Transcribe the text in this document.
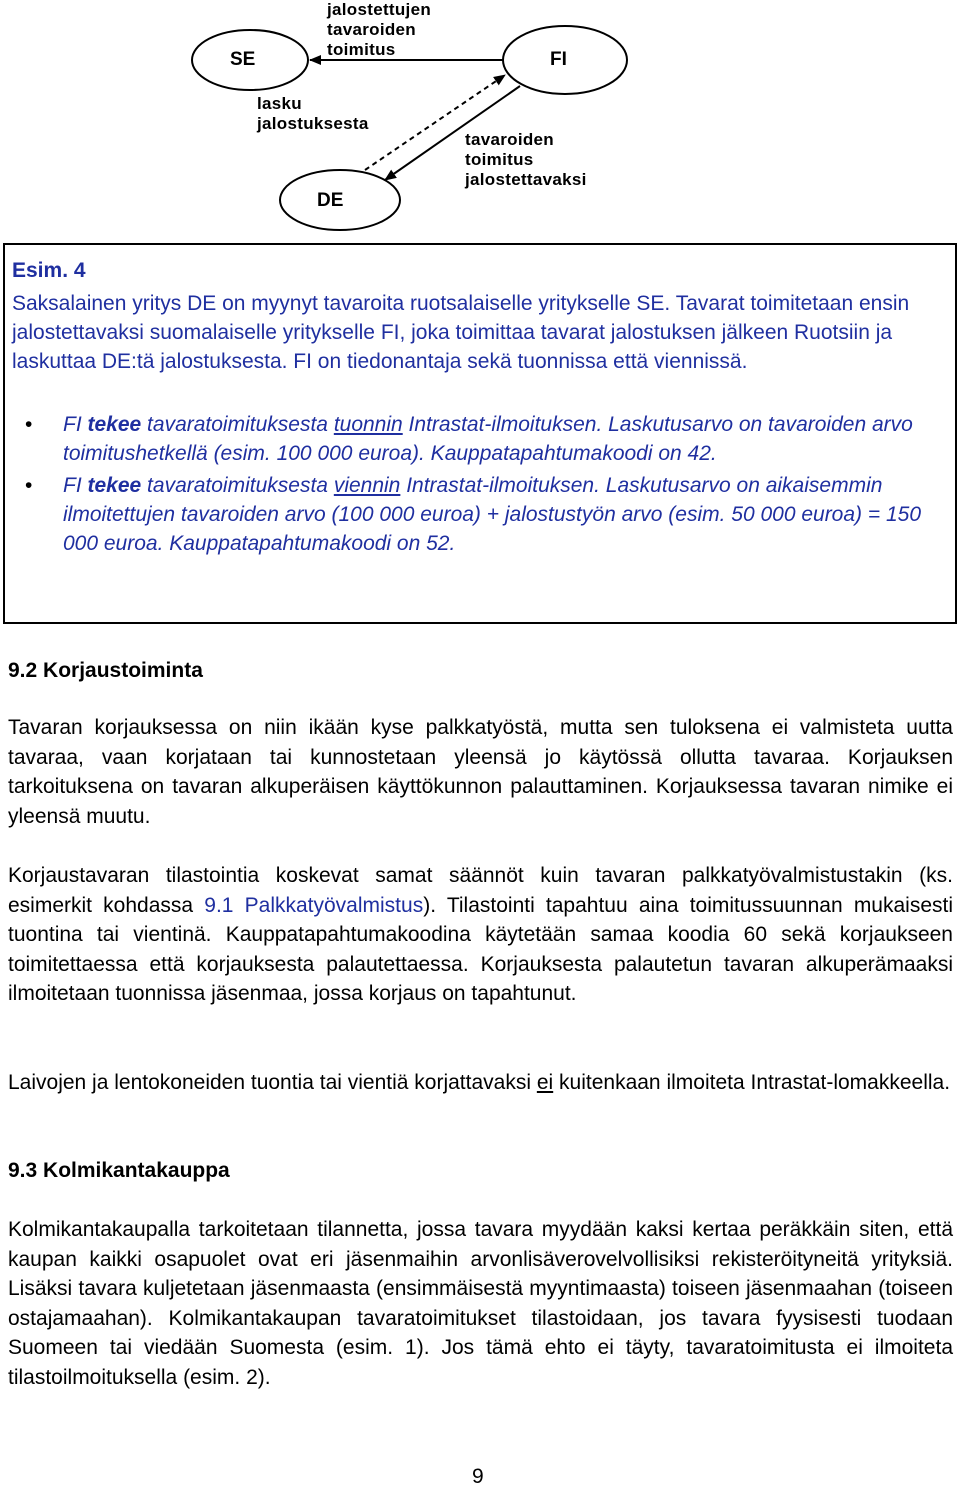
SE	FI
DE
jalostettujen
tavaroiden
toimitus
lasku
jalostuksesta
tavaroiden
toimitus
jalostettavaksi
Esim. 4
Saksalainen yritys DE on myynyt tavaroita ruotsalaiselle yritykselle SE. Tavarat toimitetaan ensin jalostettavaksi suomalaiselle yritykselle FI, joka toimittaa tavarat jalostuksen jälkeen Ruotsiin ja laskuttaa DE:tä jalostuksesta. FI on tiedonantaja sekä tuonnissa että viennissä.
• FI tekee tavaratoimituksesta tuonnin Intrastat-ilmoituksen. Laskutusarvo on tavaroiden arvo toimitushetkellä (esim. 100 000 euroa). Kauppatapahtumakoodi on 42.
• FI tekee tavaratoimituksesta viennin Intrastat-ilmoituksen. Laskutusarvo on aikaisemmin ilmoitettujen tavaroiden arvo (100 000 euroa) + jalostustyön arvo (esim. 50 000 euroa) = 150 000 euroa. Kauppatapahtumakoodi on 52.
9.2 Korjaustoiminta

Tavaran korjauksessa on niin ikään kyse palkkatyöstä, mutta sen tuloksena ei valmisteta uutta tavaraa, vaan korjataan tai kunnostetaan yleensä jo käytössä ollutta tavaraa. Korjauksen tarkoituksena on tavaran alkuperäisen käyttökunnon palauttaminen. Korjauksessa tavaran nimike ei yleensä muutu.

Korjaustavaran tilastointia koskevat samat säännöt kuin tavaran palkkatyövalmistustakin (ks. esimerkit kohdassa 9.1 Palkkatyövalmistus). Tilastointi tapahtuu aina toimitussuunnan mukaisesti tuontina tai vientinä. Kauppatapahtumakoodina käytetään samaa koodia 60 sekä korjaukseen toimitettaessa että korjauksesta palautettaessa. Korjauksesta palautetun tavaran alkuperämaaksi ilmoitetaan tuonnissa jäsenmaa, jossa korjaus on tapahtunut.

Laivojen ja lentokoneiden tuontia tai vientiä korjattavaksi ei kuitenkaan ilmoiteta Intrastat-lomakkeella.

9.3 Kolmikantakauppa

Kolmikantakaupalla tarkoitetaan tilannetta, jossa tavara myydään kaksi kertaa peräkkäin siten, että kaupan kaikki osapuolet ovat eri jäsenmaihin arvonlisäverovelvollisiksi rekisteröityneitä yrityksiä. Lisäksi tavara kuljetetaan jäsenmaasta (ensimmäisestä myyntimaasta) toiseen jäsenmaahan (toiseen ostajamaahan). Kolmikantakaupan tavaratoimitukset tilastoidaan, jos tavara fyysisesti tuodaan Suomeen tai viedään Suomesta (esim. 1). Jos tämä ehto ei täyty, tavaratoimitusta ei ilmoiteta tilastoilmoituksella (esim. 2).

9
